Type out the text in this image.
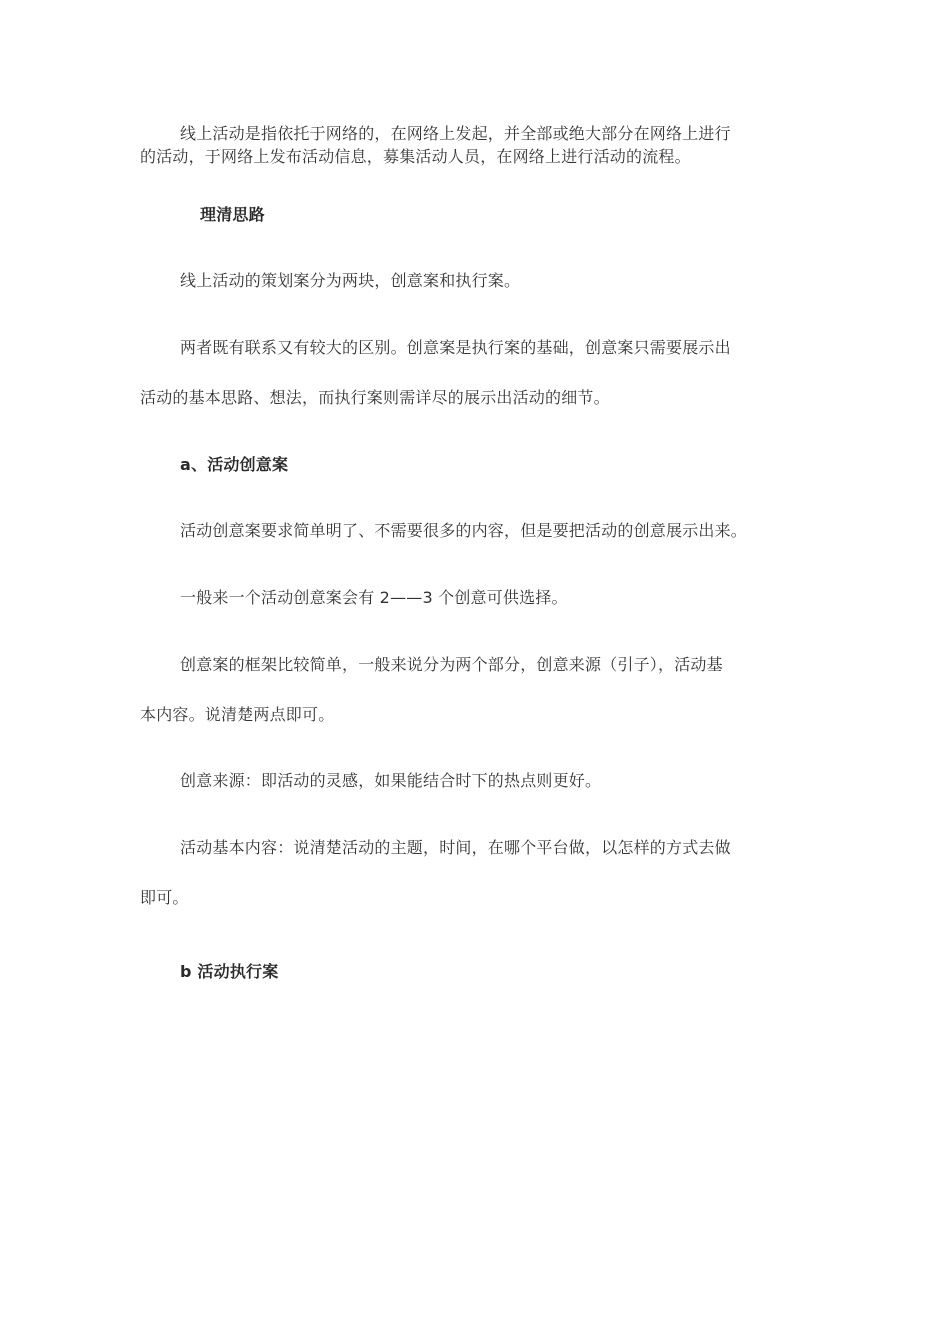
线上活动是指依托于网络的，在网络上发起，并全部或绝大部分在网络上进行
的活动，于网络上发布活动信息，募集活动人员，在网络上进行活动的流程。
理清思路
线上活动的策划案分为两块，创意案和执行案。
两者既有联系又有较大的区别。创意案是执行案的基础，创意案只需要展示出
活动的基本思路、想法，而执行案则需详尽的展示出活动的细节。
a、活动创意案
活动创意案要求简单明了、不需要很多的内容，但是要把活动的创意展示出来。
一般来一个活动创意案会有 2——3 个创意可供选择。
创意案的框架比较简单，一般来说分为两个部分，创意来源（引子），活动基
本内容。说清楚两点即可。
创意来源：即活动的灵感，如果能结合时下的热点则更好。
活动基本内容：说清楚活动的主题，时间，在哪个平台做，以怎样的方式去做
即可。
b 活动执行案
